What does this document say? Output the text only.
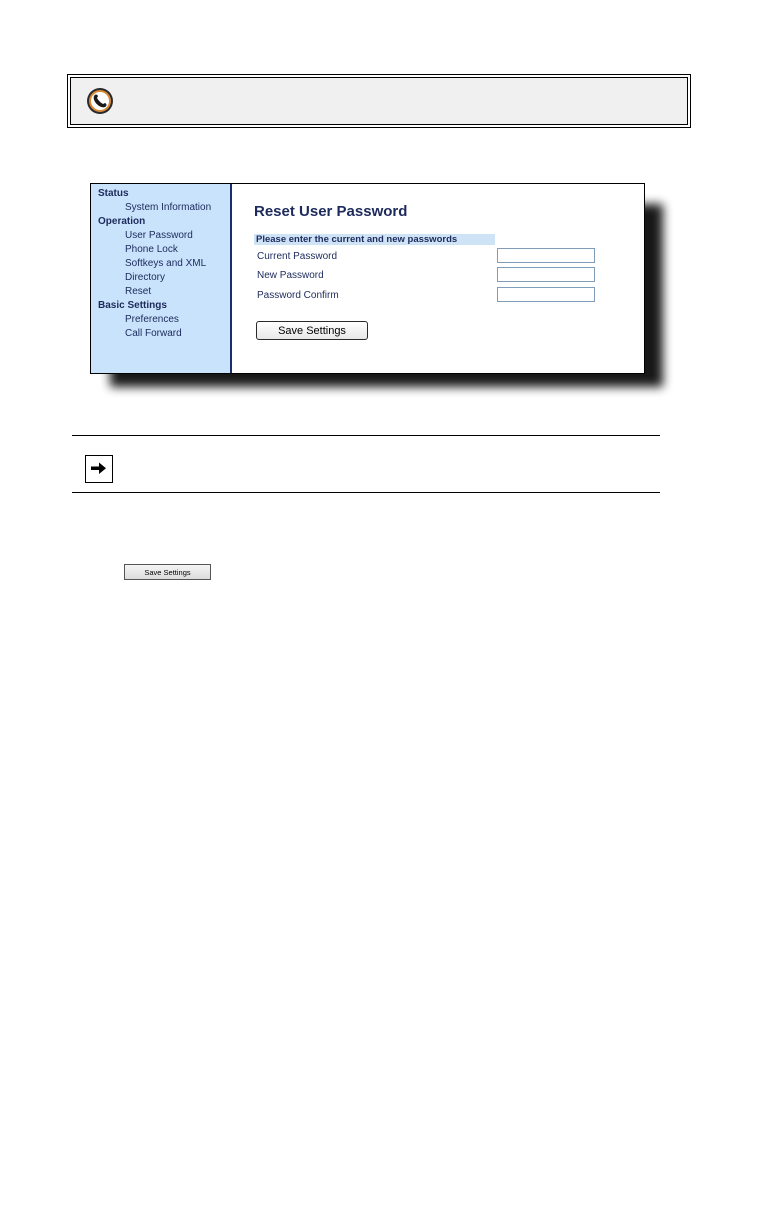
Status
System Information
Operation
User Password
Phone Lock
Softkeys and XML
Directory
Reset
Basic Settings
Preferences
Call Forward
Reset User Password
Please enter the current and new passwords
Current Password
New Password
Password Confirm
Save Settings
Save Settings
